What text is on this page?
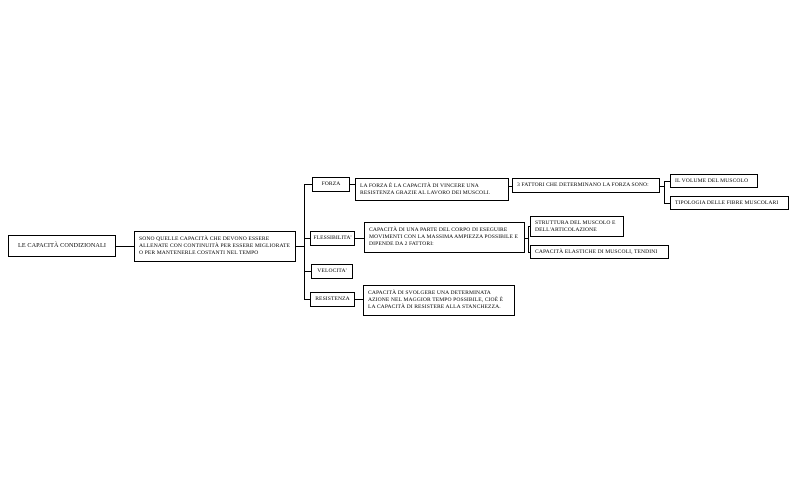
LE CAPACITÀ CONDIZIONALI
SONO QUELLE CAPACITÀ CHE DEVONO ESSERE ALLENATE CON CONTINUITÀ PER ESSERE MIGLIORATE O PER MANTENERLE COSTANTI NEL TEMPO
FORZA
FLESSIBILITA'
VELOCITA'
RESISTENZA
LA FORZA È LA CAPACITÀ DI VINCERE UNA RESISTENZA GRAZIE AL LAVORO DEI MUSCOLI.
3 FATTORI CHE DETERMINANO LA FORZA SONO:
IL VOLUME DEL MUSCOLO
TIPOLOGIA DELLE FIBRE MUSCOLARI
CAPACITÀ DI UNA PARTE DEL CORPO DI ESEGUIRE MOVIMENTI CON LA MASSIMA AMPIEZZA POSSIBILE E DIPENDE DA 2 FATTORI:
STRUTTURA DEL MUSCOLO E DELL'ARTICOLAZIONE
CAPACITÀ ELASTICHE DI MUSCOLI, TENDINI
CAPACITÀ DI SVOLGERE UNA DETERMINATA AZIONE NEL MAGGIOR TEMPO POSSIBILE, CIOÈ È LA CAPACITÀ DI RESISTERE ALLA STANCHEZZA.
